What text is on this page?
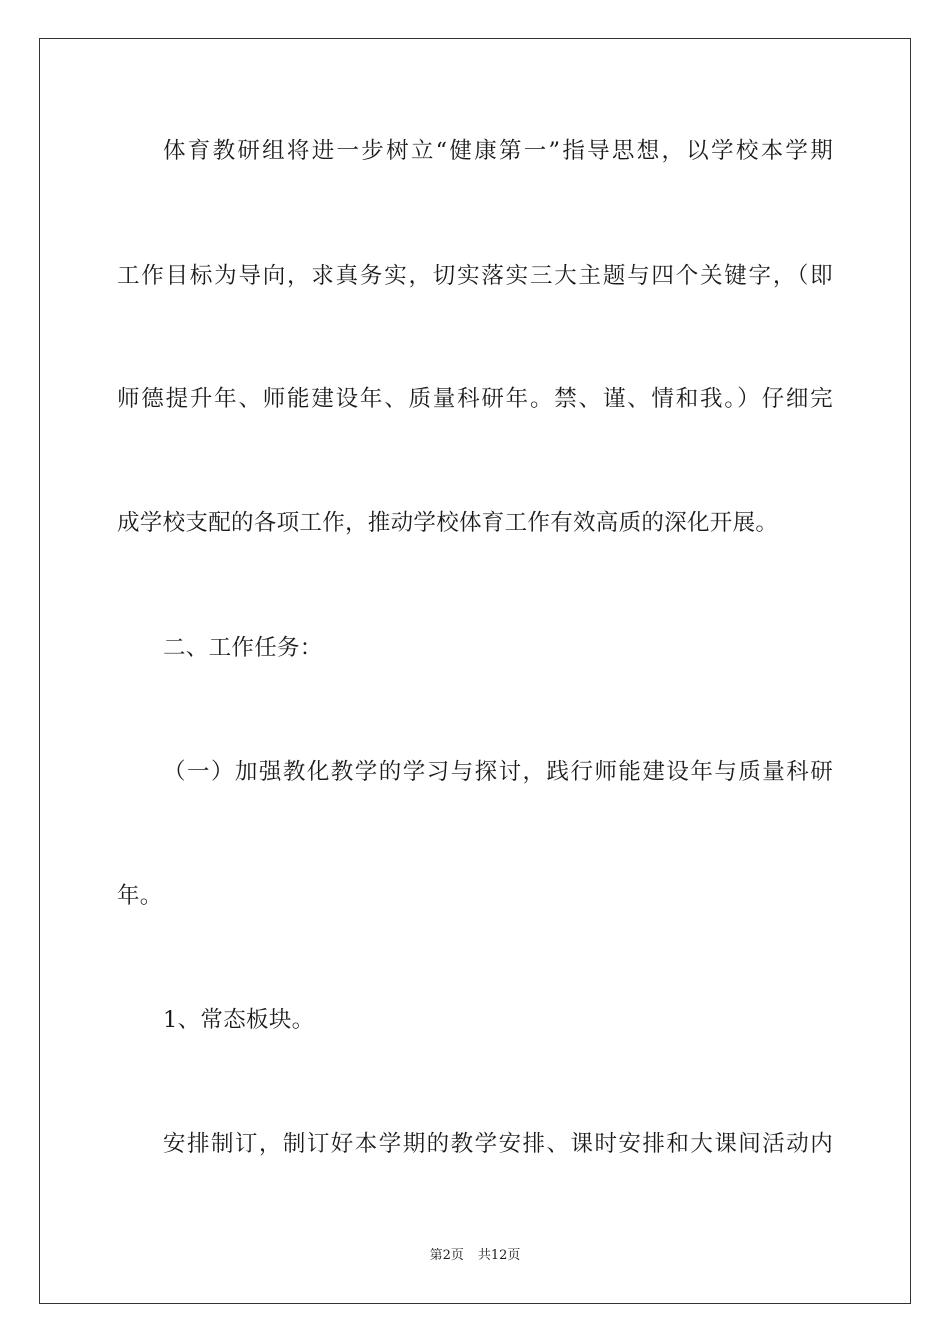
体育教研组将进一步树立“健康第一”指导思想，以学校本学期
工作目标为导向，求真务实，切实落实三大主题与四个关键字，（即
师德提升年、师能建设年、质量科研年。禁、谨、情和我。）仔细完
成学校支配的各项工作，推动学校体育工作有效高质的深化开展。
二、工作任务：
（一）加强教化教学的学习与探讨，践行师能建设年与质量科研
年。
1、常态板块。
安排制订，制订好本学期的教学安排、课时安排和大课间活动内
第2页 共12页
